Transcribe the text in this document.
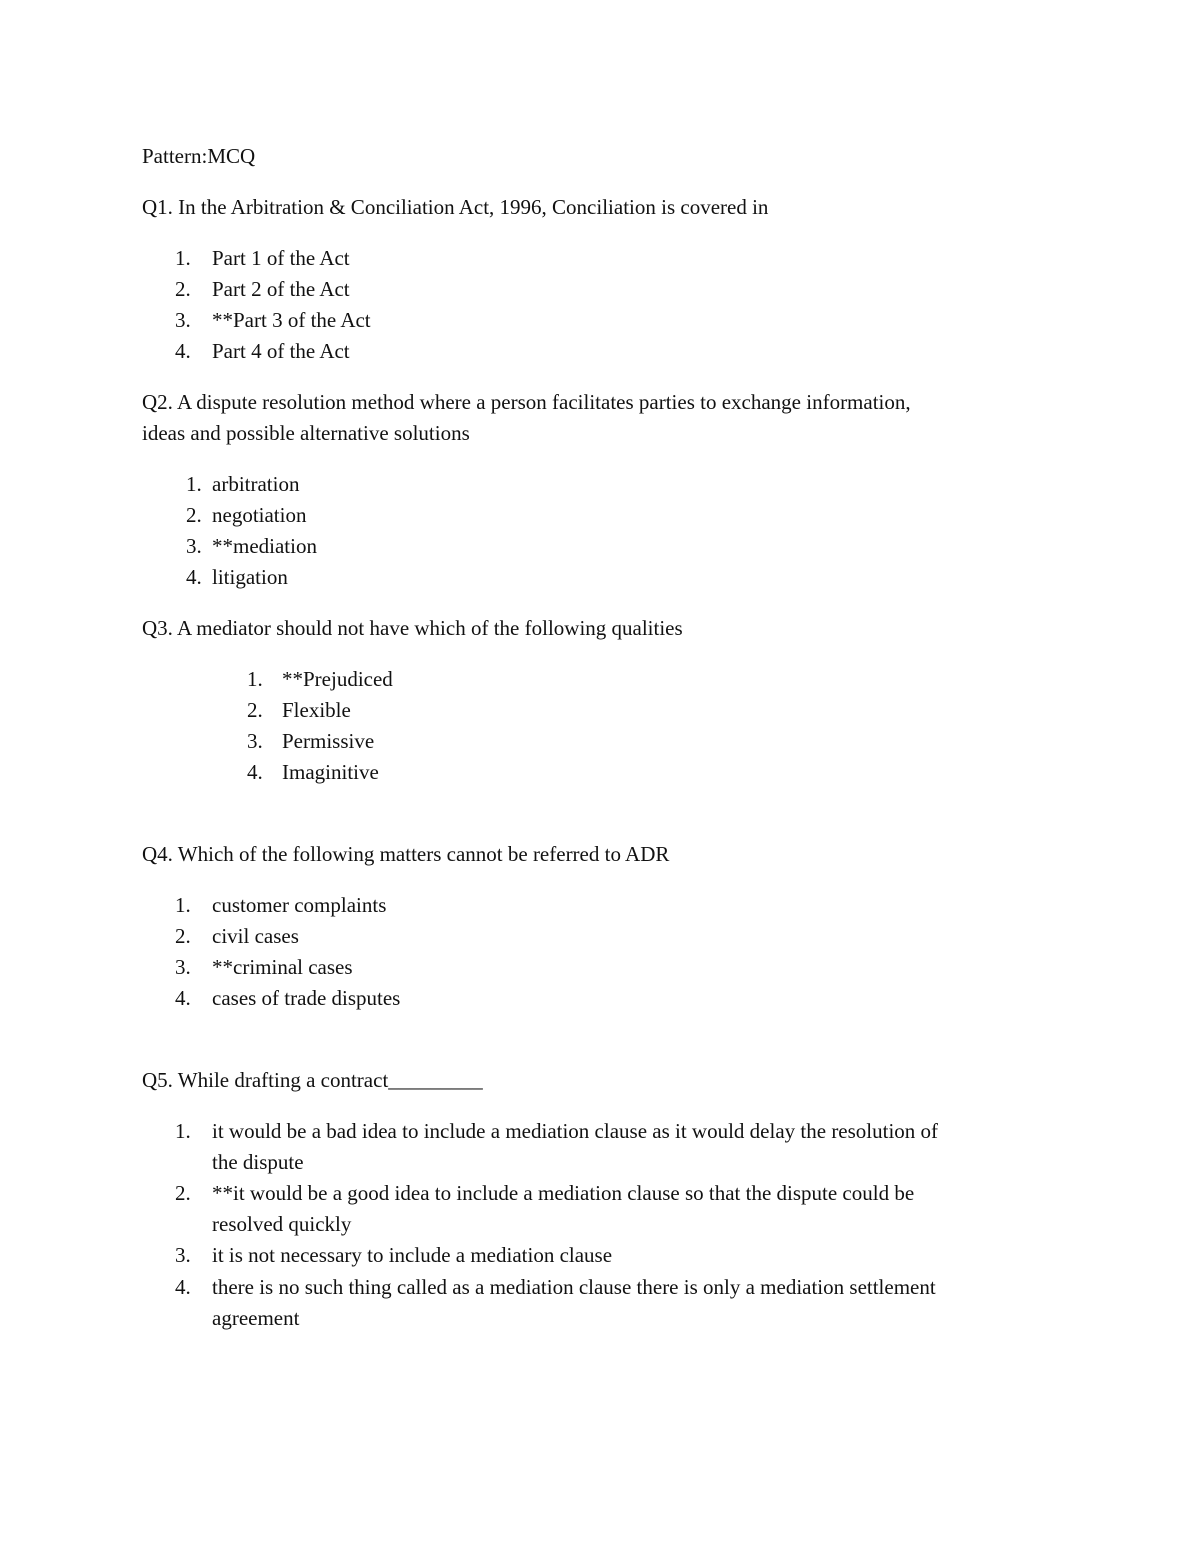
Pattern:MCQ
Q1. In the Arbitration & Conciliation Act, 1996, Conciliation is covered in
1. Part 1 of the Act
2. Part 2 of the Act
3. **Part 3 of the Act
4. Part 4 of the Act
Q2. A dispute resolution method where a person facilitates parties to exchange information,
ideas and possible alternative solutions
1. arbitration
2. negotiation
3. **mediation
4. litigation
Q3. A mediator should not have which of the following qualities
1. **Prejudiced
2. Flexible
3. Permissive
4. Imaginitive
Q4. Which of the following matters cannot be referred to ADR
1. customer complaints
2. civil cases
3. **criminal cases
4. cases of trade disputes
Q5. While drafting a contract_________
1. it would be a bad idea to include a mediation clause as it would delay the resolution of
the dispute
2. **it would be a good idea to include a mediation clause so that the dispute could be
resolved quickly
3. it is not necessary to include a mediation clause
4. there is no such thing called as a mediation clause there is only a mediation settlement
agreement
